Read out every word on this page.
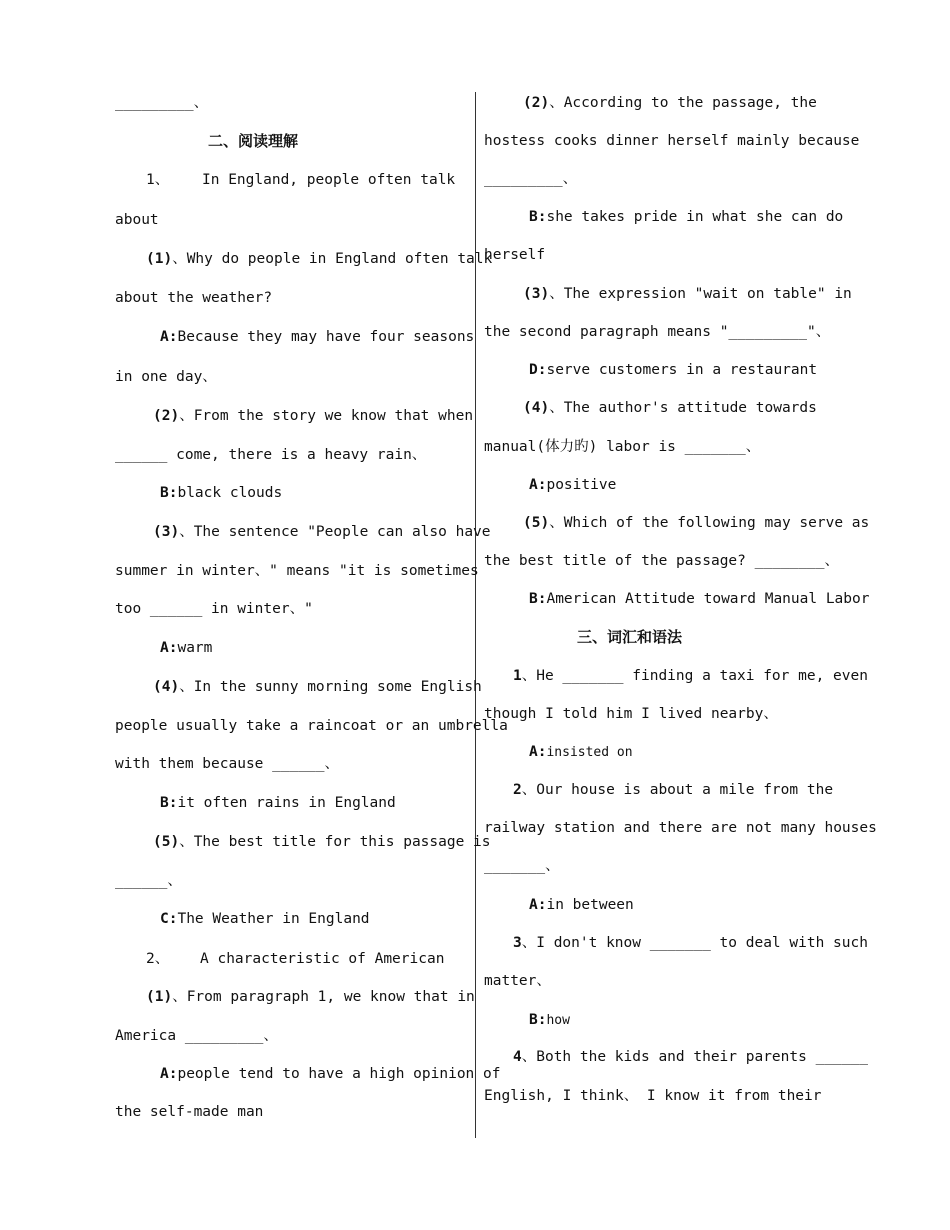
_________、
二、阅读理解
1、 In England, people often talk
about
(1)、Why do people in England often talk
about the weather?
A:Because they may have four seasons
in one day、
(2)、From the story we know that when
______ come, there is a heavy rain、
B:black clouds
(3)、The sentence "People can also have
summer in winter、" means "it is sometimes
too ______ in winter、"
A:warm
(4)、In the sunny morning some English
people usually take a raincoat or an umbrella
with them because ______、
B:it often rains in England
(5)、The best title for this passage is
______、
C:The Weather in England
2、 A characteristic of American
(1)、From paragraph 1, we know that in
America _________、
A:people tend to have a high opinion of
the self-made man
(2)、According to the passage, the
hostess cooks dinner herself mainly because
_________、
B:she takes pride in what she can do
herself
(3)、The expression "wait on table" in
the second paragraph means "_________"、
D:serve customers in a restaurant
(4)、The author's attitude towards
manual(体力旳) labor is _______、
A:positive
(5)、Which of the following may serve as
the best title of the passage? ________、
B:American Attitude toward Manual Labor
三、词汇和语法
1、He _______ finding a taxi for me, even
though I told him I lived nearby、
A:insisted on
2、Our house is about a mile from the
railway station and there are not many houses
_______、
A:in between
3、I don't know _______ to deal with such
matter、
B:how
4、Both the kids and their parents ______
English, I think、 I know it from their
